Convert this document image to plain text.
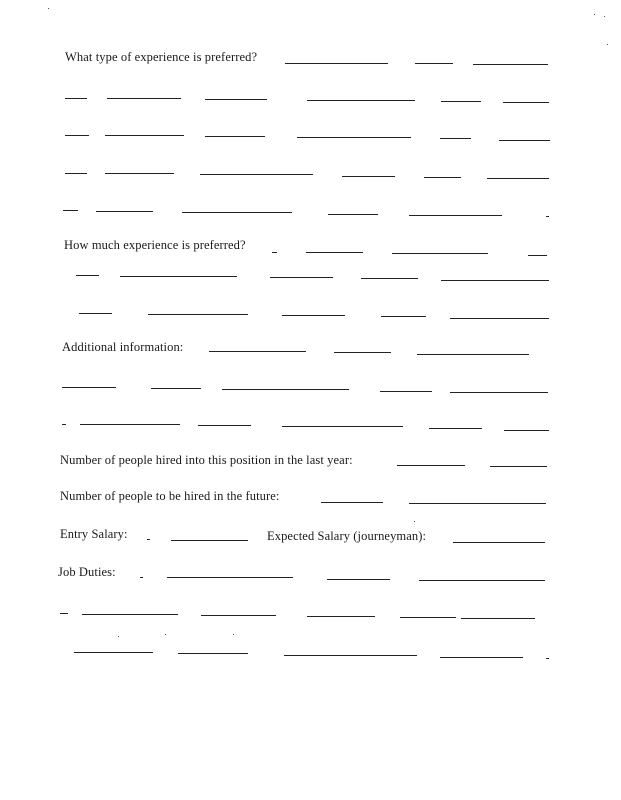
What type of experience is preferred?
How much experience is preferred?
Additional information:
Number of people hired into this position in the last year:
Number of people to be hired in the future:
Entry Salary:	Expected Salary (journeyman):
Job Duties:
